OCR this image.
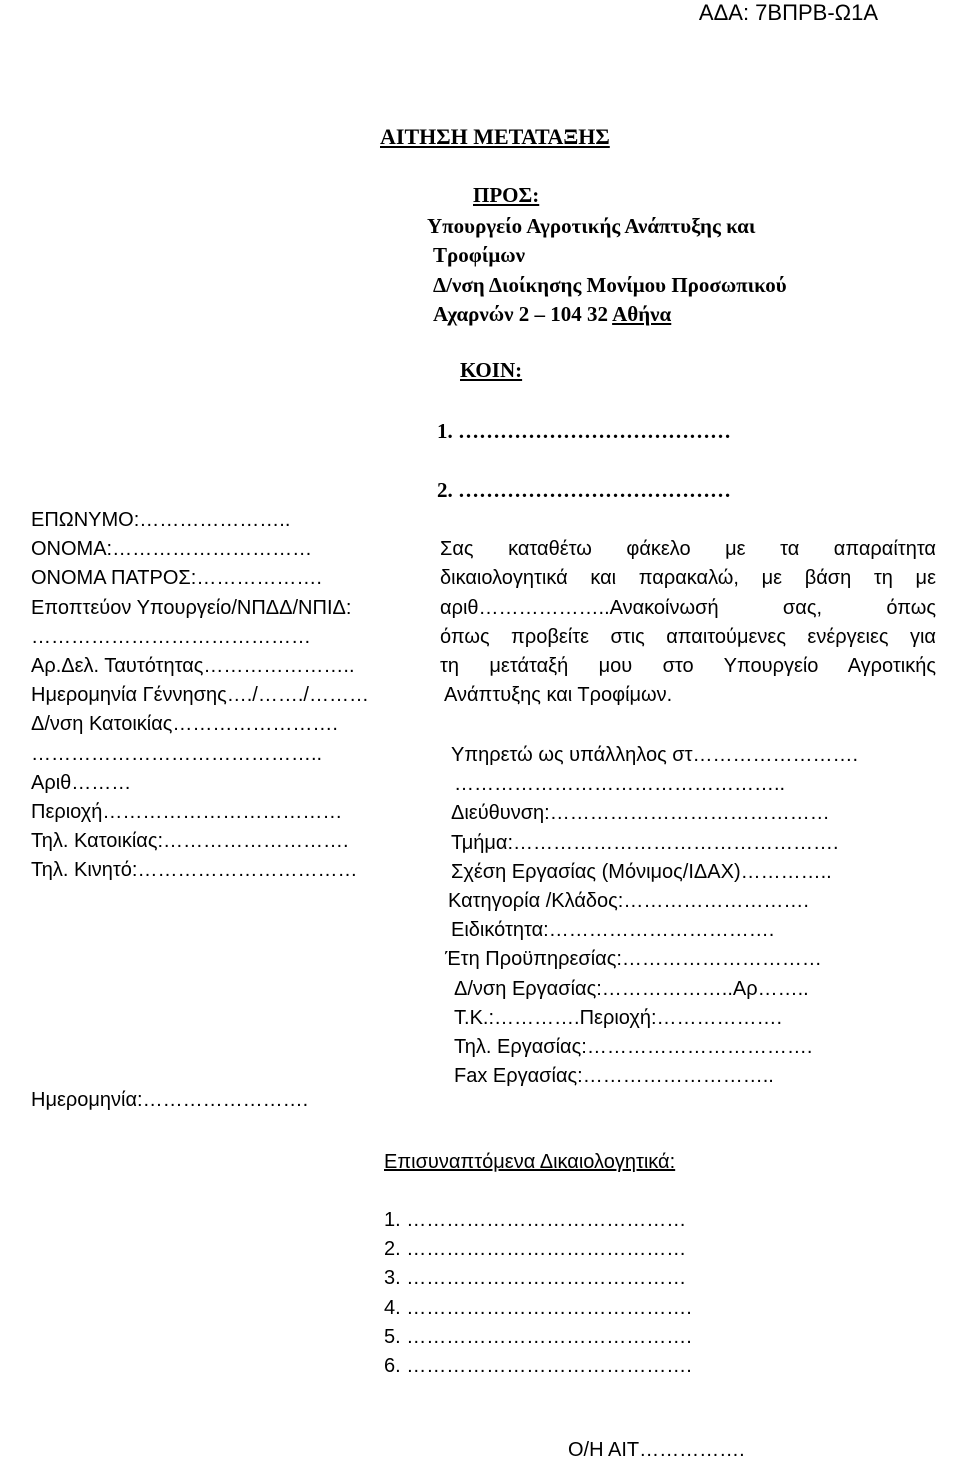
ΑΔΑ: 7ΒΠΡΒ-Ω1Α
ΑΙΤΗΣΗ ΜΕΤΑΤΑΞΗΣ
ΠΡΟΣ:
Υπουργείο Αγροτικής Ανάπτυξης και
Τροφίμων
Δ/νση Διοίκησης Μονίμου Προσωπικού
Αχαρνών 2 – 104 32 Αθήνα
ΚΟΙΝ:
1. …………………………………
2. …………………………………
ΕΠΩΝΥΜΟ:…………………..
ΟΝΟΜΑ:…………………………
ΟΝΟΜΑ ΠΑΤΡΟΣ:……………….
Εποπτεύον Υπουργείο/ΝΠΔΔ/ΝΠΙΔ:
……………………………………
Αρ.Δελ. Ταυτότητας…………………..
Ημερομηνία Γέννησης…./……./………
Δ/νση Κατοικίας…………………….
……………………………………..
Αριθ………
Περιοχή………………………………
Τηλ. Κατοικίας:……………………….
Τηλ. Κινητό:……………………………
Ημερομηνία:…………………….
Σας καταθέτω φάκελο με τα απαραίτητα
δικαιολογητικά και παρακαλώ, με βάση τη με
αριθ………………..Ανακοίνωσή σας, όπως
όπως προβείτε στις απαιτούμενες ενέργειες για
τη μετάταξή μου στο Υπουργείο Αγροτικής
Ανάπτυξης και Τροφίμων.
Υπηρετώ ως υπάλληλος στ…………………….
…………………………………………..
Διεύθυνση:……………………………………
Τμήμα:………………………………………….
Σχέση Εργασίας (Μόνιμος/ΙΔΑΧ)…………..
Κατηγορία /Κλάδος:……………………….
Ειδικότητα:…………………………….
Έτη Προϋπηρεσίας:…………………………
Δ/νση Εργασίας:………………..Αρ……..
Τ.Κ.:………….Περιοχή:……………….
Τηλ. Εργασίας:…………………………….
Fax Εργασίας:………………………..
Επισυναπτόμενα Δικαιολογητικά:
1. ……………………………………
2. ……………………………………
3. ……………………………………
4. …………………………………….
5. …………………………………….
6. …………………………………….
Ο/Η ΑΙΤ…………….
